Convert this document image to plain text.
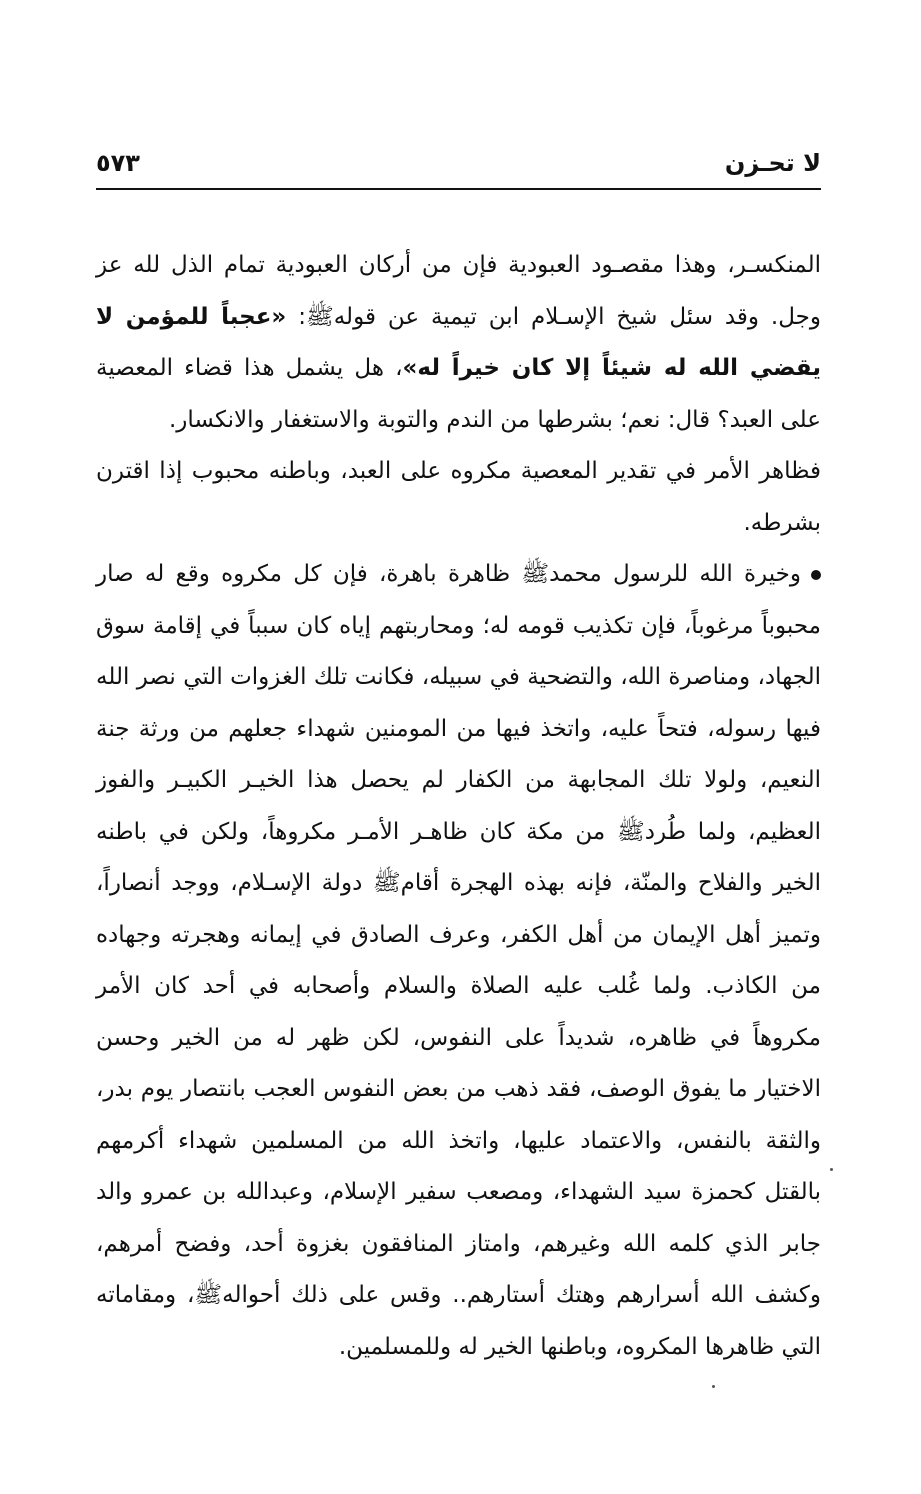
لا تحـزن
٥٧٣

المنكسـر، وهذا مقصـود العبودية فإن من أركان العبودية تمام الذل لله عز وجل. وقد سئل شيخ الإسـلام ابن تيمية عن قولهﷺ: «عجباً للمؤمن لا يقضي الله له شيئاً إلا كان خيراً له»، هل يشمل هذا قضاء المعصية على العبد؟ قال: نعم؛ بشرطها من الندم والتوبة والاستغفار والانكسار.

فظاهر الأمر في تقدير المعصية مكروه على العبد، وباطنه محبوب إذا اقترن بشرطه.

وخيرة الله للرسول محمدﷺ ظاهرة باهرة، فإن كل مكروه وقع له صار محبوباً مرغوباً، فإن تكذيب قومه له؛ ومحاربتهم إياه كان سبباً في إقامة سوق الجهاد، ومناصرة الله، والتضحية في سبيله، فكانت تلك الغزوات التي نصر الله فيها رسوله، فتحاً عليه، واتخذ فيها من المومنين شهداء جعلهم من ورثة جنة النعيم، ولولا تلك المجابهة من الكفار لم يحصل هذا الخيـر الكبيـر والفوز العظيم، ولما طُردﷺ من مكة كان ظاهـر الأمـر مكروهاً، ولكن في باطنه الخير والفلاح والمنّة، فإنه بهذه الهجرة أقامﷺ دولة الإسـلام، ووجد أنصاراً، وتميز أهل الإيمان من أهل الكفر، وعرف الصادق في إيمانه وهجرته وجهاده من الكاذب. ولما غُلب عليه الصلاة والسلام وأصحابه في أحد كان الأمر مكروهاً في ظاهره، شديداً على النفوس، لكن ظهر له من الخير وحسن الاختيار ما يفوق الوصف، فقد ذهب من بعض النفوس العجب بانتصار يوم بدر، والثقة بالنفس، والاعتماد عليها، واتخذ الله من المسلمين شهداء أكرمهم بالقتل كحمزة سيد الشهداء، ومصعب سفير الإسلام، وعبدالله بن عمرو والد جابر الذي كلمه الله وغيرهم، وامتاز المنافقون بغزوة أحد، وفضح أمرهم، وكشف الله أسرارهم وهتك أستارهم.. وقس على ذلك أحوالهﷺ، ومقاماته التي ظاهرها المكروه، وباطنها الخير له وللمسلمين.
